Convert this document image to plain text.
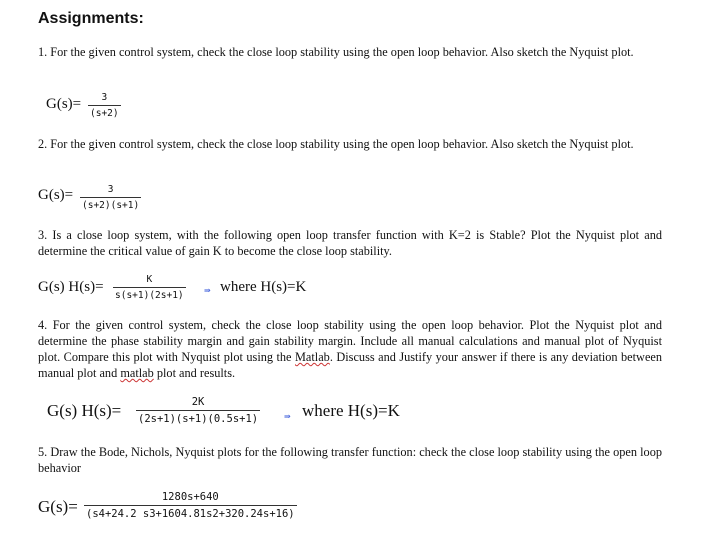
Assignments:

1. For the given control system, check the close loop stability using the open loop behavior. Also sketch the Nyquist plot.

G(s)=	3
(s+2)

2. For the given control system, check the close loop stability using the open loop behavior. Also sketch the Nyquist plot.

G(s)=	3
(s+2)(s+1)

3. Is a close loop system, with the following open loop transfer function with K=2 is Stable? Plot the Nyquist plot and determine the critical value of gain K to become the close loop stability.

G(s) H(s)=	K
s(s+1)(2s+1)	⇛ where H(s)=K

4. For the given control system, check the close loop stability using the open loop behavior. Plot the Nyquist plot and determine the phase stability margin and gain stability margin. Include all manual calculations and manual plot of Nyquist plot. Compare this plot with Nyquist plot using the Matlab. Discuss and Justify your answer if there is any deviation between manual plot and matlab plot and results.

G(s) H(s)=	2K
(2s+1)(s+1)(0.5s+1)	⇛ where H(s)=K

5. Draw the Bode, Nichols, Nyquist plots for the following transfer function: check the close loop stability using the open loop behavior

G(s)=	1280s+640
(s4+24.2 s3+1604.81s2+320.24s+16)
